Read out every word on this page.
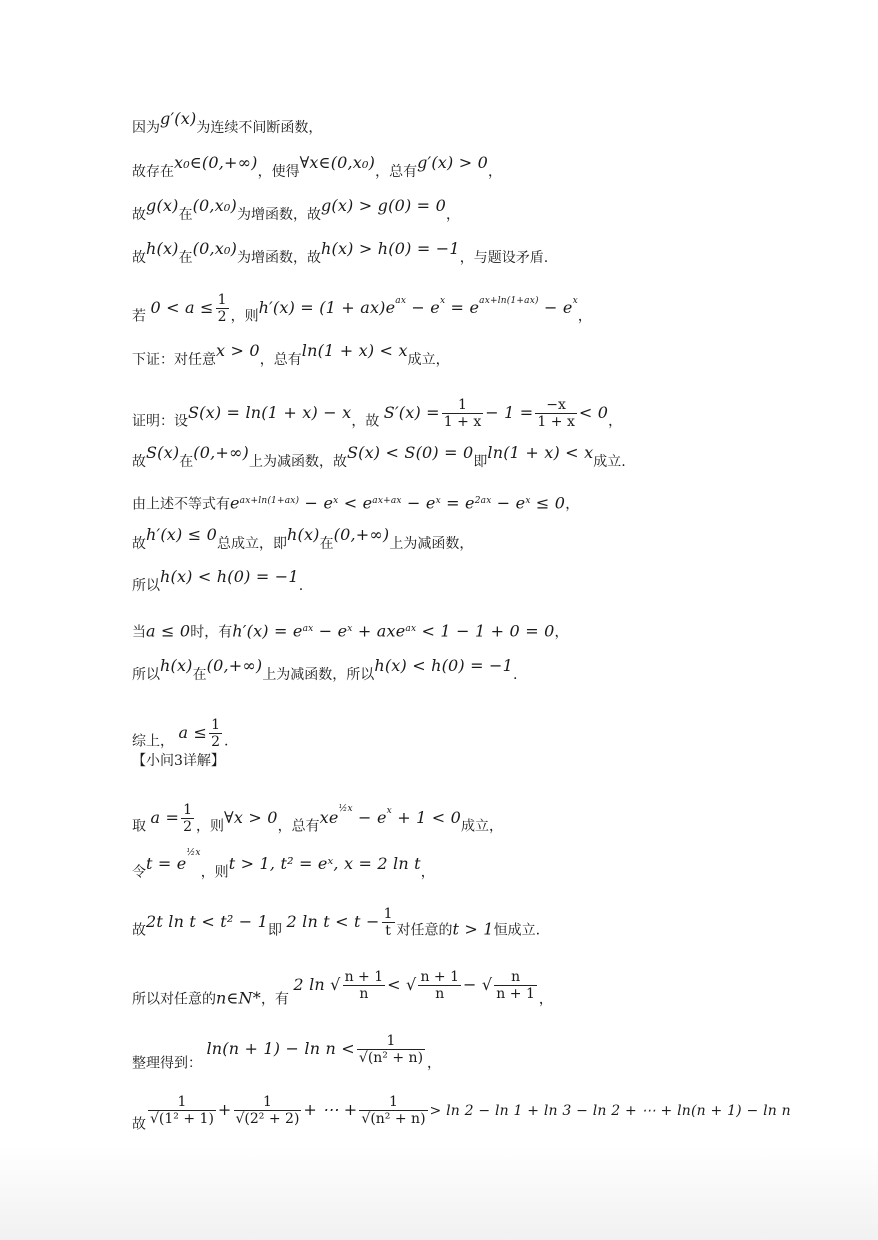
因为g′(x)为连续不间断函数，
故存在x₀∈(0,+∞)，使得∀x∈(0,x₀)，总有g′(x) > 0，
故g(x)在(0,x₀)为增函数，故g(x) > g(0) = 0，
故h(x)在(0,x₀)为增函数，故h(x) > h(0) = −1，与题设矛盾.
若 $0 < a \le \frac{1}{2}$ ，则$h'(x) = (1 + ax)e^{ax} - e^x = e^{ax+ln(1+ax)} - e^x$，
下证：对任意x > 0，总有ln(1 + x) < x成立，
证明：设S(x) = ln(1 + x) − x，故 $S'(x) = \frac{1}{1 + x} - 1 = \frac{-x}{1 + x} < 0$，
故S(x)在(0,+∞)上为减函数，故S(x) < S(0) = 0即ln(1 + x) < x成立.
由上述不等式有$e^{ax+ln(1+ax)} - e^x < e^{ax+ax} - e^x = e^{2ax} - e^x \le 0$，
故h′(x) ≤ 0总成立，即h(x)在(0,+∞)上为减函数，
所以h(x) < h(0) = −1.
当a ≤ 0时，有$h'(x) = e^{ax} - e^x + axe^{ax} < 1 - 1 + 0 = 0$，
所以h(x)在(0,+∞)上为减函数，所以h(x) < h(0) = −1.
综上， $a \le \frac{1}{2}$ .
【小问3详解】
取 $a = \frac{1}{2}$ ，则∀x > 0，总有$xe^{\frac{1}{2}x} - e^x + 1 < 0$成立，
令$t = e^{\frac{1}{2}x}$，则t > 1, t² = eˣ, x = 2 ln t，
故2t ln t < t² − 1即 2 $\ln t < t - \frac{1}{t}$ 对任意的t > 1恒成立.
所以对任意的n∈N*，有 2 ln √ $\frac{n + 1}{n}$ < √ $\frac{n + 1}{n}$ − √ $\frac{n}{n + 1}$ ，
整理得到： $\ln(n + 1) - \ln n < \frac{1}{\text{√(n² + n)}}$ ，
故 $\frac{1}{\text{√(1² + 1)}} + \frac{1}{\text{√(2² + 2)}}$ + ⋯ + $\frac{1}{\text{√(n² + n)}} > \ln 2 - \ln 1 + \ln 3 - \ln 2$ + ⋯ + ln(n + 1) − ln n
